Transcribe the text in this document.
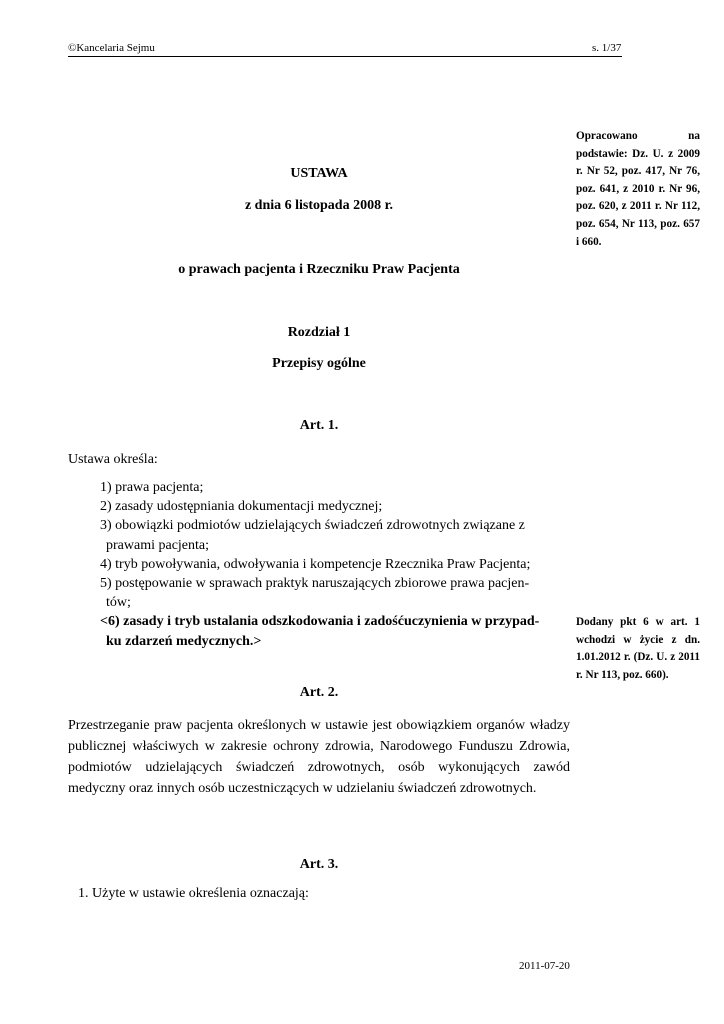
©Kancelaria Sejmu	s. 1/37
USTAWA
z dnia 6 listopada 2008 r.
o prawach pacjenta i Rzeczniku Praw Pacjenta
Rozdział 1
Przepisy ogólne
Opracowano na podstawie: Dz. U. z 2009 r. Nr 52, poz. 417, Nr 76, poz. 641, z 2010 r. Nr 96, poz. 620, z 2011 r. Nr 112, poz. 654, Nr 113, poz. 657 i 660.
Dodany pkt 6 w art. 1 wchodzi w życie z dn. 1.01.2012 r. (Dz. U. z 2011 r. Nr 113, poz. 660).
Art. 1.
Ustawa określa:
1) prawa pacjenta;
2) zasady udostępniania dokumentacji medycznej;
3) obowiązki podmiotów udzielających świadczeń zdrowotnych związane z
prawami pacjenta;
4) tryb powoływania, odwoływania i kompetencje Rzecznika Praw Pacjenta;
5) postępowanie w sprawach praktyk naruszających zbiorowe prawa pacjen-
tów;
<6) zasady i tryb ustalania odszkodowania i zadośćuczynienia w przypad-
ku zdarzeń medycznych.>
Art. 2.
Przestrzeganie praw pacjenta określonych w ustawie jest obowiązkiem organów władzy publicznej właściwych w zakresie ochrony zdrowia, Narodowego Funduszu Zdrowia, podmiotów udzielających świadczeń zdrowotnych, osób wykonujących zawód medyczny oraz innych osób uczestniczących w udzielaniu świadczeń zdrowotnych.
Art. 3.
1. Użyte w ustawie określenia oznaczają:
2011-07-20
